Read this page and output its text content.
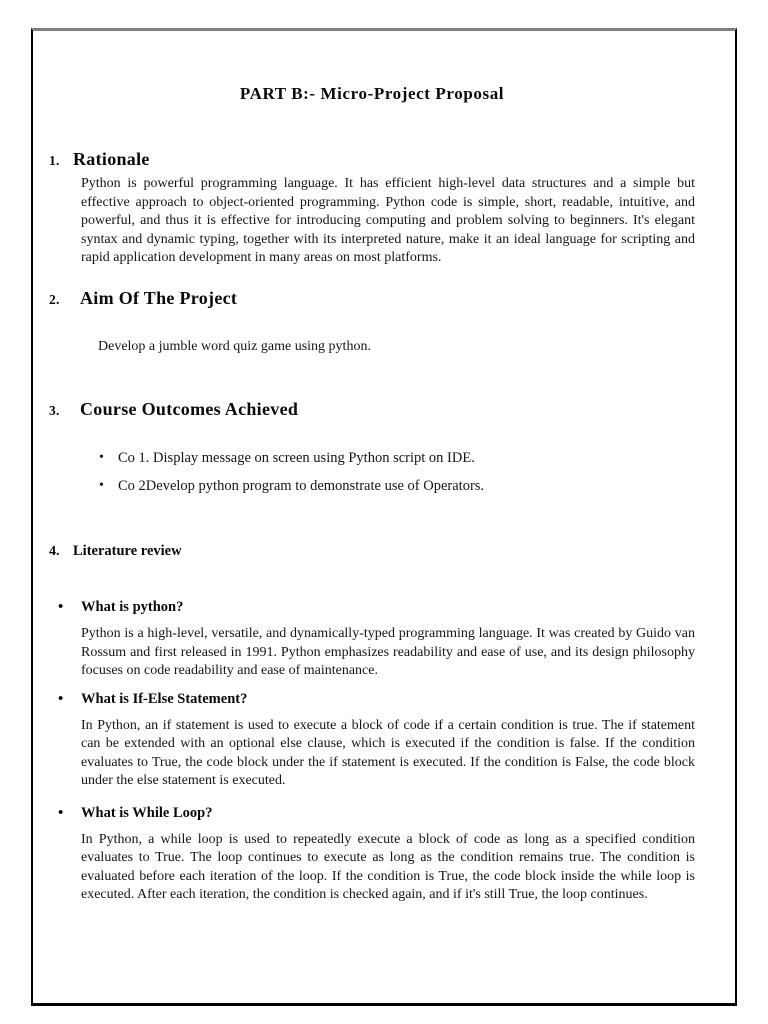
PART B:- Micro-Project Proposal
1. Rationale

Python is powerful programming language. It has efficient high-level data structures and a simple but effective approach to object-oriented programming. Python code is simple, short, readable, intuitive, and powerful, and thus it is effective for introducing computing and problem solving to beginners. It's elegant syntax and dynamic typing, together with its interpreted nature, make it an ideal language for scripting and rapid application development in many areas on most platforms.

2.	Aim Of The Project

Develop a jumble word quiz game using python.

3.	Course Outcomes Achieved
• Co 1. Display message on screen using Python script on IDE.
• Co 2Develop python program to demonstrate use of Operators.
4. Literature review
•	What is python?

Python is a high-level, versatile, and dynamically-typed programming language. It was created by Guido van Rossum and first released in 1991. Python emphasizes readability and ease of use, and its design philosophy focuses on code readability and ease of maintenance.

•	What is If-Else Statement?

In Python, an if statement is used to execute a block of code if a certain condition is true. The if statement can be extended with an optional else clause, which is executed if the condition is false. If the condition evaluates to True, the code block under the if statement is executed. If the condition is False, the code block under the else statement is executed.

•	What is While Loop?

In Python, a while loop is used to repeatedly execute a block of code as long as a specified condition evaluates to True. The loop continues to execute as long as the condition remains true. The condition is evaluated before each iteration of the loop. If the condition is True, the code block inside the while loop is executed. After each iteration, the condition is checked again, and if it's still True, the loop continues.
